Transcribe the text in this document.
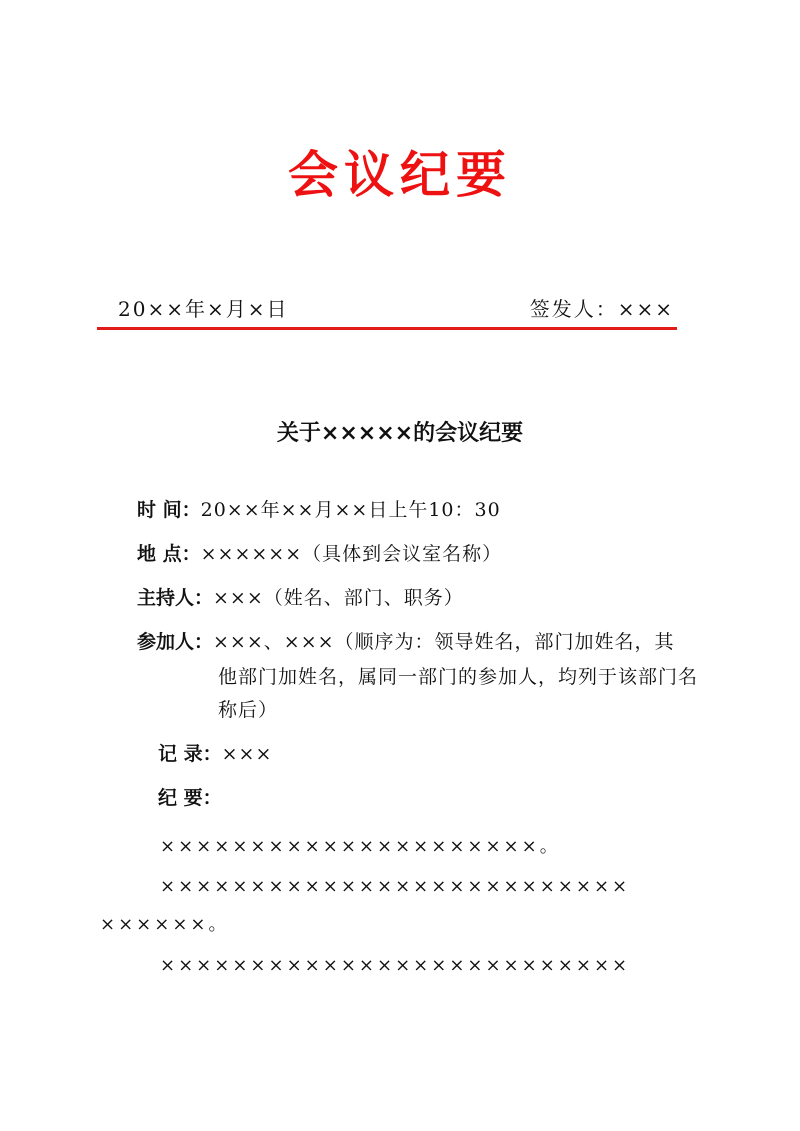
会议纪要
20××年×月×日	签发人：×××
关于×××××的会议纪要
时 间：20××年××月××日上午10：30
地 点：××××××（具体到会议室名称）
主持人：×××（姓名、部门、职务）
参加人：×××、×××（顺序为：领导姓名，部门加姓名，其
他部门加姓名，属同一部门的参加人，均列于该部门名
称后）
记 录：×××
纪 要：
×××××××××××××××××××××。
××××××××××××××××××××××××××
××××××。
××××××××××××××××××××××××××
